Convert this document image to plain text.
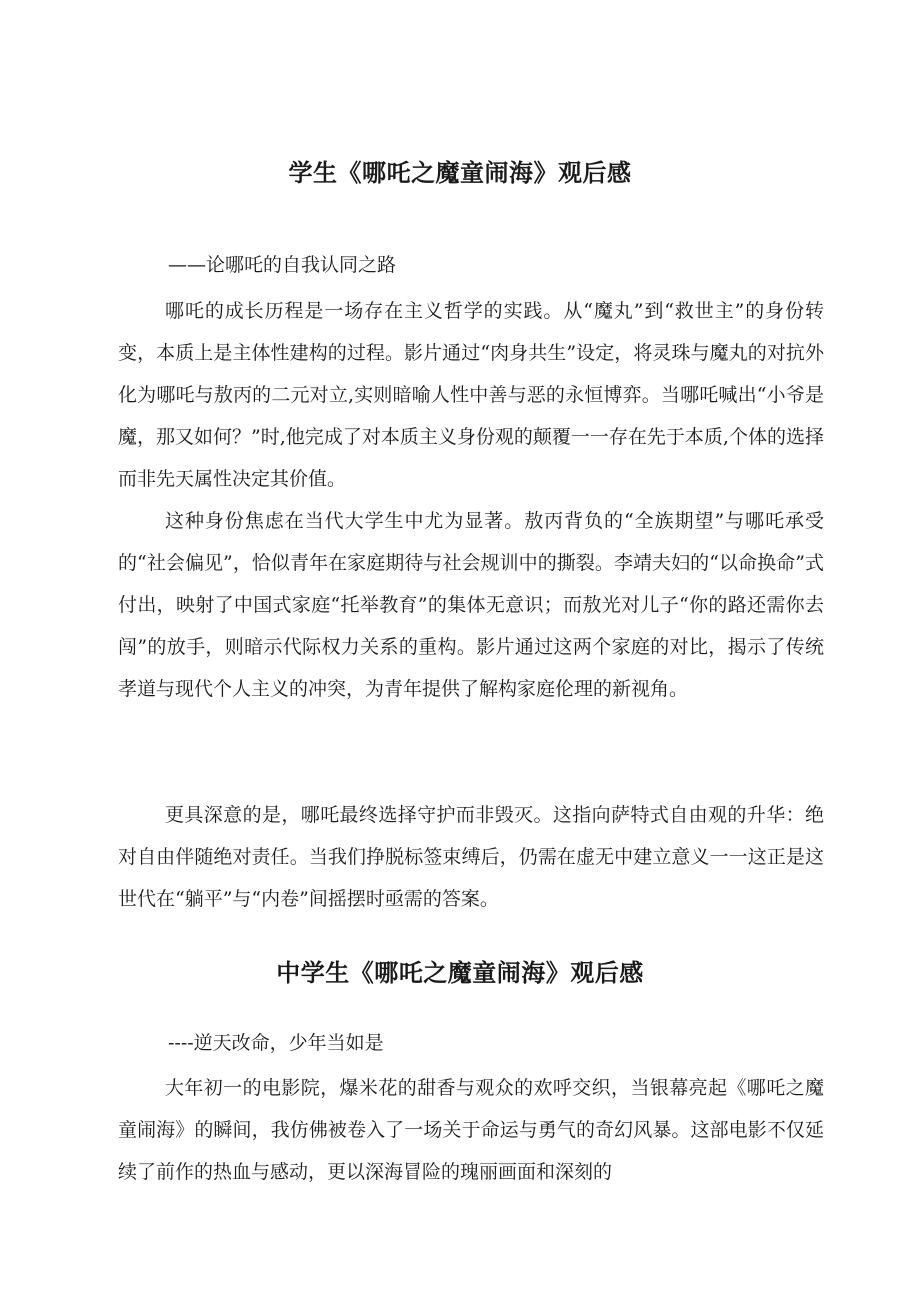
学生《哪吒之魔童闹海》观后感

——论哪吒的自我认同之路

哪吒的成长历程是一场存在主义哲学的实践。从“魔丸”到“救世主”的身份转变，本质上是主体性建构的过程。影片通过“肉身共生”设定，将灵珠与魔丸的对抗外化为哪吒与敖丙的二元对立,实则暗喻人性中善与恶的永恒博弈。当哪吒喊出“小爷是魔，那又如何？”时,他完成了对本质主义身份观的颠覆一一存在先于本质,个体的选择而非先天属性决定其价值。

这种身份焦虑在当代大学生中尤为显著。敖丙背负的“全族期望”与哪吒承受的“社会偏见”，恰似青年在家庭期待与社会规训中的撕裂。李靖夫妇的“以命换命”式付出，映射了中国式家庭“托举教育”的集体无意识；而敖光对儿子“你的路还需你去闯”的放手，则暗示代际权力关系的重构。影片通过这两个家庭的对比，揭示了传统孝道与现代个人主义的冲突，为青年提供了解构家庭伦理的新视角。

更具深意的是，哪吒最终选择守护而非毁灭。这指向萨特式自由观的升华：绝对自由伴随绝对责任。当我们挣脱标签束缚后，仍需在虚无中建立意义一一这正是这世代在“躺平”与“内卷”间摇摆时亟需的答案。

中学生《哪吒之魔童闹海》观后感

----逆天改命，少年当如是

大年初一的电影院，爆米花的甜香与观众的欢呼交织，当银幕亮起《哪吒之魔童闹海》的瞬间，我仿佛被卷入了一场关于命运与勇气的奇幻风暴。这部电影不仅延续了前作的热血与感动，更以深海冒险的瑰丽画面和深刻的
